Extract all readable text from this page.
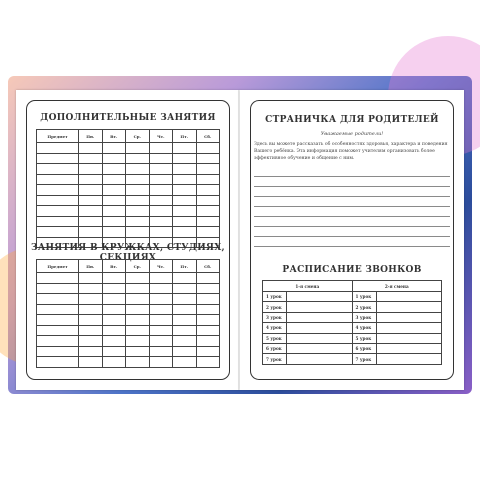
ДОПОЛНИТЕЛЬНЫЕ ЗАНЯТИЯ
Предмет	Пн.	Вт.	Ср.	Чт.	Пт.	Сб.

ЗАНЯТИЯ В КРУЖКАХ, СТУДИЯХ, СЕКЦИЯХ
Предмет	Пн.	Вт.	Ср.	Чт.	Пт.	Сб.

СТРАНИЧКА ДЛЯ РОДИТЕЛЕЙ
Уважаемые родители!
Здесь вы можете рассказать об особенностях здоровья, характера и поведения Вашего ребёнка. Эта информация поможет учителям организовать более эффективное обучение и общение с ним.
РАСПИСАНИЕ ЗВОНКОВ
1-я смена		2-я смена	
1 урок		1 урок	
2 урок		2 урок	
3 урок		3 урок	
4 урок		4 урок	
5 урок		5 урок	
6 урок		6 урок	
7 урок		7 урок	
